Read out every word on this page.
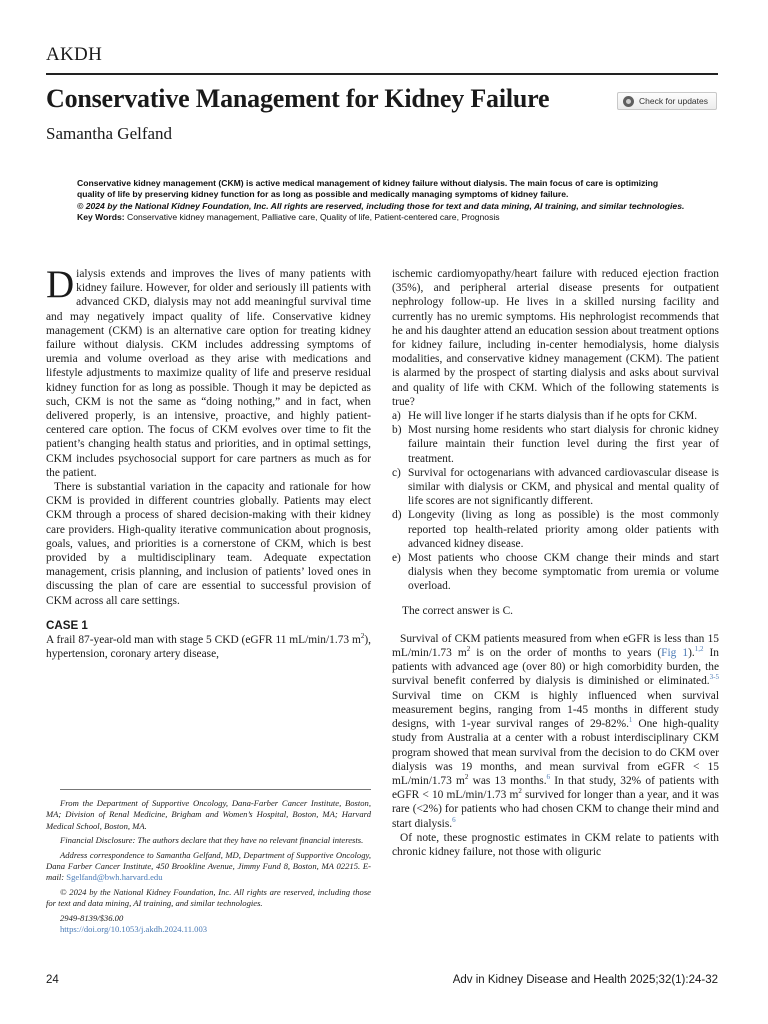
AKDH
Conservative Management for Kidney Failure	Check for updates
Samantha Gelfand

Conservative kidney management (CKM) is active medical management of kidney failure without dialysis. The main focus of care is optimizing quality of life by preserving kidney function for as long as possible and medically managing symptoms of kidney failure.

© 2024 by the National Kidney Foundation, Inc. All rights are reserved, including those for text and data mining, AI training, and similar technologies.

Key Words: Conservative kidney management, Palliative care, Quality of life, Patient-centered care, Prognosis

Dialysis extends and improves the lives of many patients with kidney failure. However, for older and seriously ill patients with advanced CKD, dialysis may not add meaningful survival time and may negatively impact quality of life. Conservative kidney management (CKM) is an alternative care option for treating kidney failure without dialysis. CKM includes addressing symptoms of uremia and volume overload as they arise with medications and lifestyle adjustments to maximize quality of life and preserve residual kidney function for as long as possible. Though it may be depicted as such, CKM is not the same as “doing nothing,” and in fact, when delivered properly, is an intensive, proactive, and highly patient-centered care option. The focus of CKM evolves over time to fit the patient’s changing health status and priorities, and in optimal settings, CKM includes psychosocial support for care partners as much as for the patient.

There is substantial variation in the capacity and rationale for how CKM is provided in different countries globally. Patients may elect CKM through a process of shared decision-making with their kidney care providers. High-quality iterative communication about prognosis, goals, values, and priorities is a cornerstone of CKM, which is best provided by a multidisciplinary team. Adequate expectation management, crisis planning, and inclusion of patients’ loved ones in discussing the plan of care are essential to successful provision of CKM across all care settings.

CASE 1

A frail 87-year-old man with stage 5 CKD (eGFR 11 mL/min/1.73 $m^2$), hypertension, coronary artery disease,

From the Department of Supportive Oncology, Dana-Farber Cancer Institute, Boston, MA; Division of Renal Medicine, Brigham and Women’s Hospital, Boston, MA; Harvard Medical School, Boston, MA.

Financial Disclosure: The authors declare that they have no relevant financial interests.

Address correspondence to Samantha Gelfand, MD, Department of Supportive Oncology, Dana Farber Cancer Institute, 450 Brookline Avenue, Jimmy Fund 8, Boston, MA 02215. E-mail: Sgelfand@bwh.harvard.edu

© 2024 by the National Kidney Foundation, Inc. All rights are reserved, including those for text and data mining, AI training, and similar technologies.

2949-8139/$36.00

https://doi.org/10.1053/j.akdh.2024.11.003

ischemic cardiomyopathy/heart failure with reduced ejection fraction (35%), and peripheral arterial disease presents for outpatient nephrology follow-up. He lives in a skilled nursing facility and currently has no uremic symptoms. His nephrologist recommends that he and his daughter attend an education session about treatment options for kidney failure, including in-center hemodialysis, home dialysis modalities, and conservative kidney management (CKM). The patient is alarmed by the prospect of starting dialysis and asks about survival and quality of life with CKM. Which of the following statements is true?

a) He will live longer if he starts dialysis than if he opts for CKM.
b) Most nursing home residents who start dialysis for chronic kidney failure maintain their function level during the first year of treatment.
c) Survival for octogenarians with advanced cardiovascular disease is similar with dialysis or CKM, and physical and mental quality of life scores are not significantly different.
d) Longevity (living as long as possible) is the most commonly reported top health-related priority among older patients with advanced kidney disease.
e) Most patients who choose CKM change their minds and start dialysis when they become symptomatic from uremia or volume overload.

The correct answer is C.

Survival of CKM patients measured from when eGFR is less than 15 mL/min/1.73 $m^2$ is on the order of months to years (Fig 1).$^{1,2}$ In patients with advanced age (over 80) or high comorbidity burden, the survival benefit conferred by dialysis is diminished or eliminated.$^{3-5}$ Survival time on CKM is highly influenced when survival measurement begins, ranging from 1-45 months in different study designs, with 1-year survival ranges of 29-82%.$^1$ One high-quality study from Australia at a center with a robust interdisciplinary CKM program showed that mean survival from the decision to do CKM over dialysis was 19 months, and mean survival from eGFR < 15 mL/min/1.73 $m^2$ was 13 months.$^6$ In that study, 32% of patients with eGFR < 10 mL/min/1.73 $m^2$ survived for longer than a year, and it was rare (<2%) for patients who had chosen CKM to change their mind and start dialysis.$^6$

Of note, these prognostic estimates in CKM relate to patients with chronic kidney failure, not those with oliguric

24	Adv in Kidney Disease and Health 2025;32(1):24-32
